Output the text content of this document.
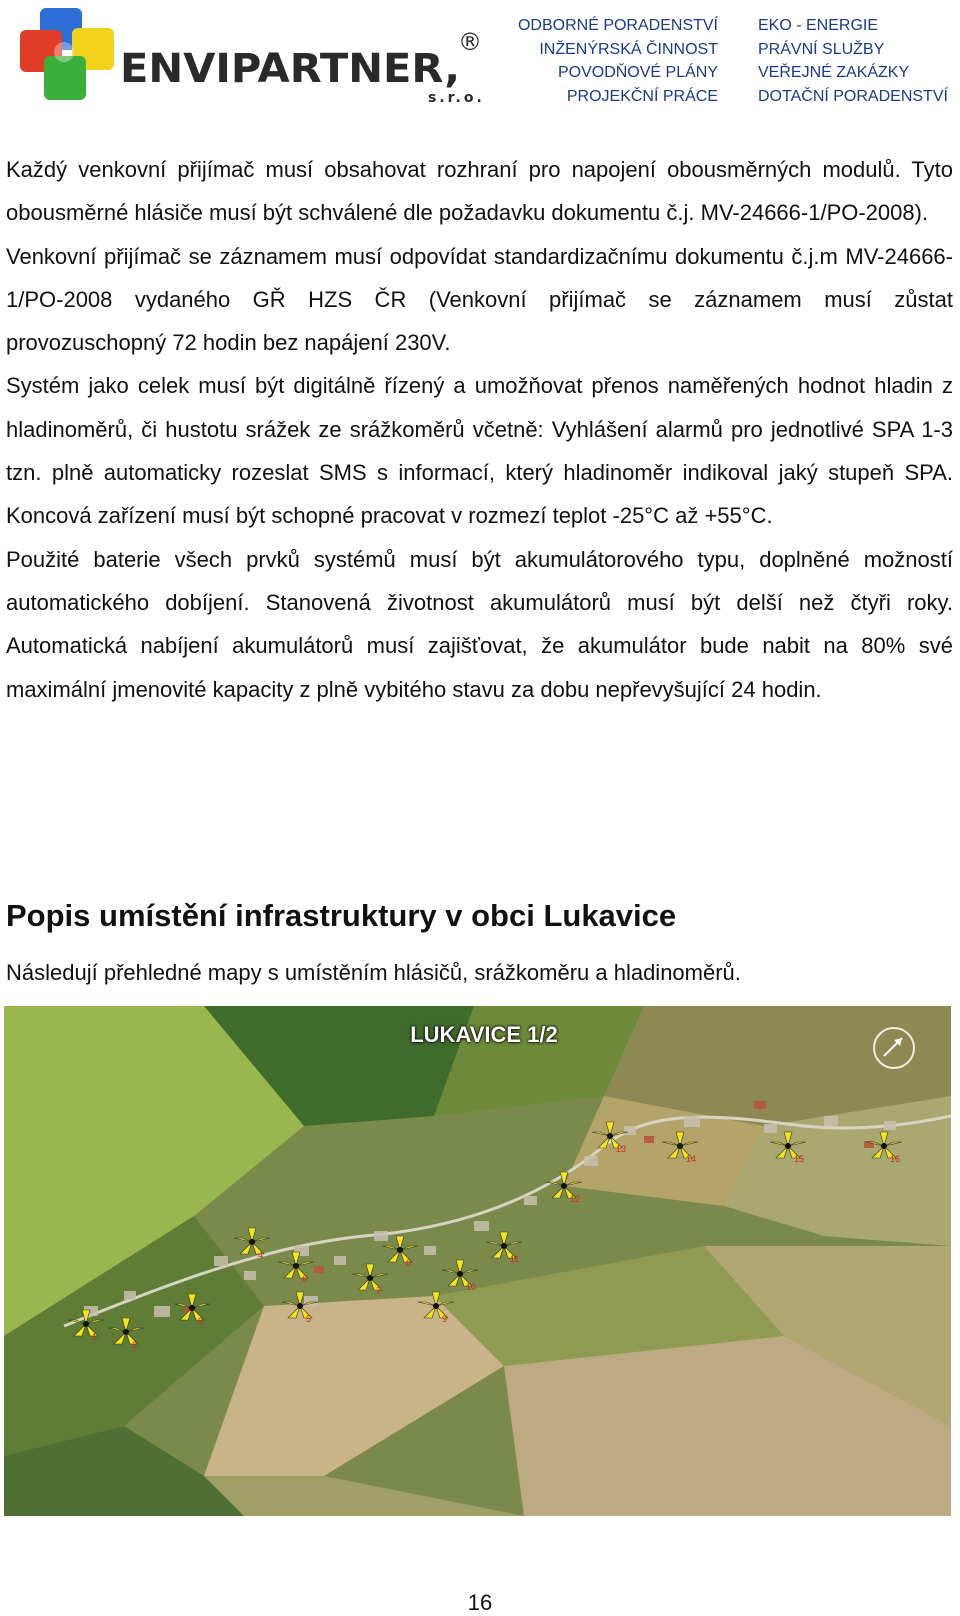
ENVIPARTNER,
®
s.r.o.
ODBORNÉ PORADENSTVÍ
INŽENÝRSKÁ ČINNOST
POVODŇOVÉ PLÁNY
PROJEKČNÍ PRÁCE
EKO - ENERGIE
PRÁVNÍ SLUŽBY
VEŘEJNÉ ZAKÁZKY
DOTAČNÍ PORADENSTVÍ

Každý venkovní přijímač musí obsahovat rozhraní pro napojení obousměrných modulů. Tyto obousměrné hlásiče musí být schválené dle požadavku dokumentu č.j. MV-24666-1/PO-2008).

Venkovní přijímač se záznamem musí odpovídat standardizačnímu dokumentu č.j.m MV-24666-1/PO-2008 vydaného GŘ HZS ČR (Venkovní přijímač se záznamem musí zůstat provozuschopný 72 hodin bez napájení 230V.

Systém jako celek musí být digitálně řízený a umožňovat přenos naměřených hodnot hladin z hladinoměrů, či hustotu srážek ze srážkoměrů včetně: Vyhlášení alarmů pro jednotlivé SPA 1-3 tzn. plně automaticky rozeslat SMS s informací, který hladinoměr indikoval jaký stupeň SPA. Koncová zařízení musí být schopné pracovat v rozmezí teplot -25°C až +55°C.

Použité baterie všech prvků systémů musí být akumulátorového typu, doplněné možností automatického dobíjení. Stanovená životnost akumulátorů musí být delší než čtyři roky. Automatická nabíjení akumulátorů musí zajišťovat, že akumulátor bude nabit na 80% své maximální jmenovité kapacity z plně vybitého stavu za dobu nepřevyšující 24 hodin.

Popis umístění infrastruktury v obci Lukavice

Následují přehledné mapy s umístěním hlásičů, srážkoměru a hladinoměrů.

1
2
3
4
5
6
7
8
9
10
11
12
13
14	15	16
LUKAVICE 1/2
16
